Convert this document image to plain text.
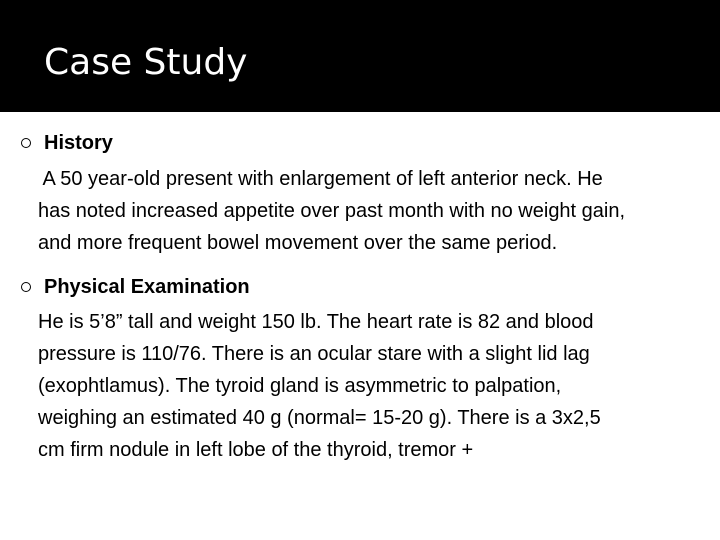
Case Study
History
A 50 year-old present with enlargement of left anterior neck. He
has noted increased appetite over past month with no weight gain,
and more frequent bowel movement over the same period.
Physical Examination
He is 5’8” tall and weight 150 lb. The heart rate is 82 and blood
pressure is 110/76. There is an ocular stare with a slight lid lag
(exophtlamus). The tyroid gland is asymmetric to palpation,
weighing an estimated 40 g (normal= 15-20 g). There is a 3x2,5
cm firm nodule in left lobe of the thyroid, tremor +
